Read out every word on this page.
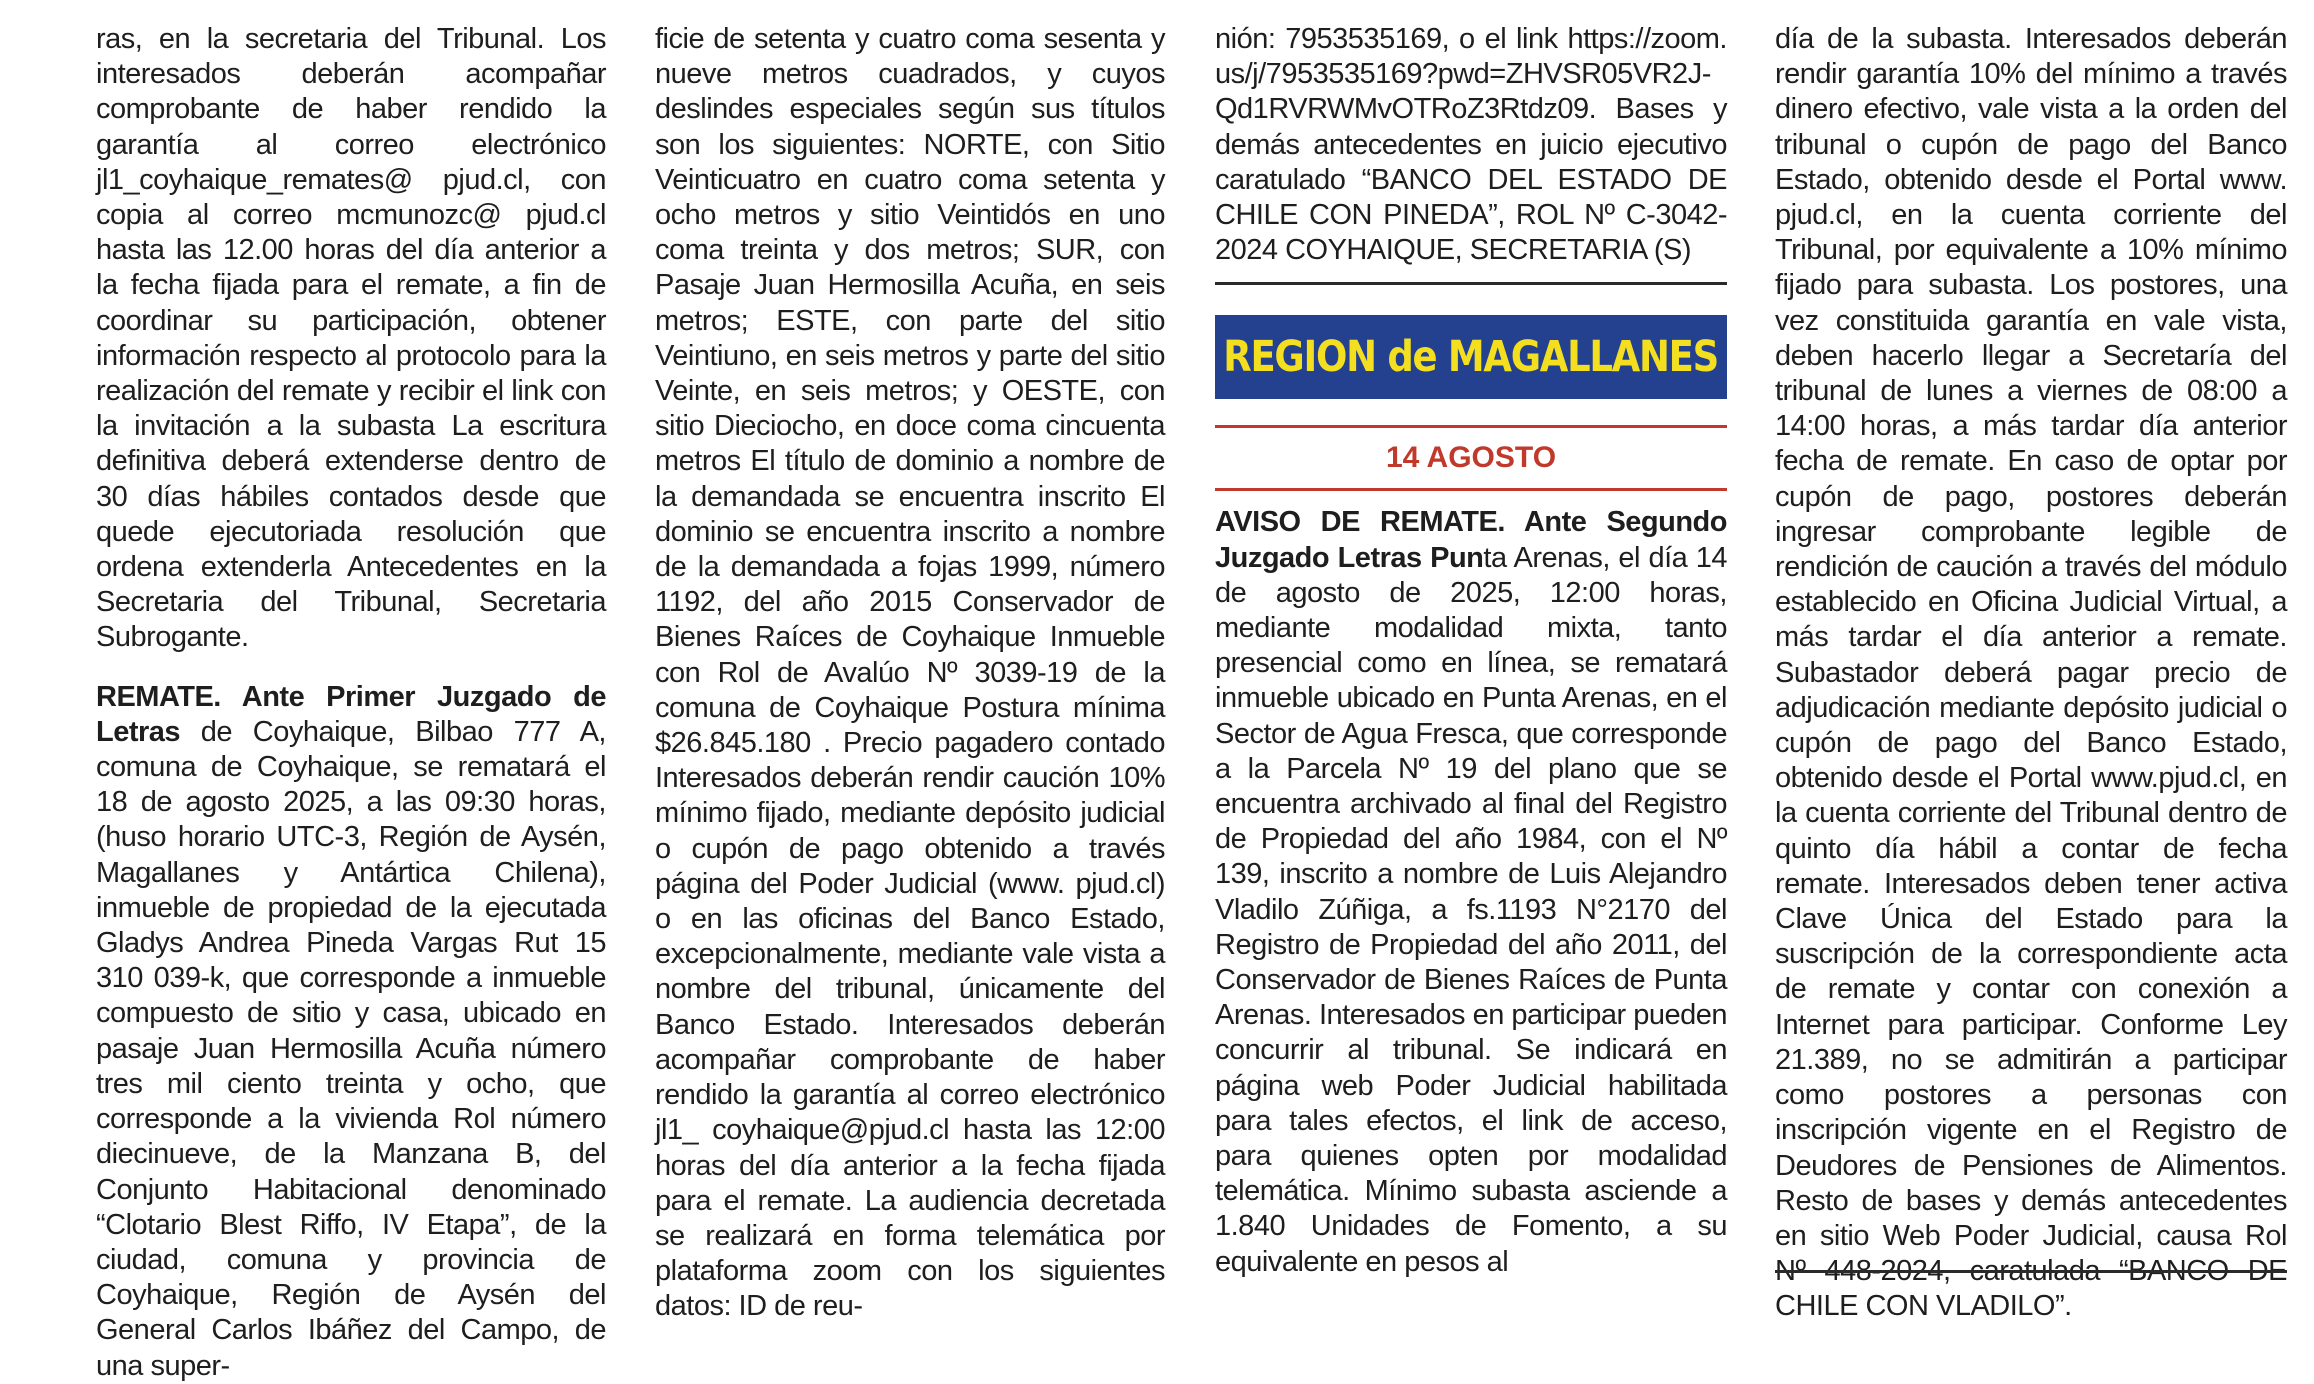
ras, en la secretaria del Tribunal. Los interesados deberán acompañar comprobante de haber rendido la garantía al correo electrónico jl1_coyhaique_remates@ pjud.cl, con copia al correo mcmunozc@ pjud.cl hasta las 12.00 horas del día anterior a la fecha fijada para el remate, a fin de coordinar su participación, obtener información respecto al protocolo para la realización del remate y recibir el link con la invitación a la subasta La escritura definitiva deberá extenderse dentro de 30 días hábiles contados desde que quede ejecutoriada resolución que ordena extenderla Antecedentes en la Secretaria del Tribunal, Secretaria Subrogante.

REMATE. Ante Primer Juzgado de Letras de Coyhaique, Bilbao 777 A, comuna de Coyhaique, se rematará el 18 de agosto 2025, a las 09:30 horas, (huso horario UTC-3, Región de Aysén, Magallanes y Antártica Chilena), inmueble de propiedad de la ejecutada Gladys Andrea Pineda Vargas Rut 15 310 039-k, que corresponde a inmueble compuesto de sitio y casa, ubicado en pasaje Juan Hermosilla Acuña número tres mil ciento treinta y ocho, que corresponde a la vivienda Rol número diecinueve, de la Manzana B, del Conjunto Habitacional denominado “Clotario Blest Riffo, IV Etapa”, de la ciudad, comuna y provincia de Coyhaique, Región de Aysén del General Carlos Ibáñez del Campo, de una super-

ficie de setenta y cuatro coma sesenta y nueve metros cuadrados, y cuyos deslindes especiales según sus títulos son los siguientes: NORTE, con Sitio Veinticuatro en cuatro coma setenta y ocho metros y sitio Veintidós en uno coma treinta y dos metros; SUR, con Pasaje Juan Hermosilla Acuña, en seis metros; ESTE, con parte del sitio Veintiuno, en seis metros y parte del sitio Veinte, en seis metros; y OESTE, con sitio Dieciocho, en doce coma cincuenta metros El título de dominio a nombre de la demandada se encuentra inscrito El dominio se encuentra inscrito a nombre de la demandada a fojas 1999, número 1192, del año 2015 Conservador de Bienes Raíces de Coyhaique Inmueble con Rol de Avalúo Nº 3039-19 de la comuna de Coyhaique Postura mínima $26.845.180 . Precio pagadero contado Interesados deberán rendir caución 10% mínimo fijado, mediante depósito judicial o cupón de pago obtenido a través página del Poder Judicial (www. pjud.cl) o en las oficinas del Banco Estado, excepcionalmente, mediante vale vista a nombre del tribunal, únicamente del Banco Estado. Interesados deberán acompañar comprobante de haber rendido la garantía al correo electrónico jl1_ coyhaique@pjud.cl hasta las 12:00 horas del día anterior a la fecha fijada para el remate. La audiencia decretada se realizará en forma telemática por plataforma zoom con los siguientes datos: ID de reu-

nión: 7953535169, o el link https://zoom. us/j/7953535169?pwd=ZHVSR05VR2J-Qd1RVRWMvOTRoZ3Rtdz09. Bases y demás antecedentes en juicio ejecutivo caratulado “BANCO DEL ESTADO DE CHILE CON PINEDA”, ROL Nº C-3042-2024 COYHAIQUE, SECRETARIA (S)

REGION de MAGALLANES
14 AGOSTO

AVISO DE REMATE. Ante Segundo Juzgado Letras Punta Arenas, el día 14 de agosto de 2025, 12:00 horas, mediante modalidad mixta, tanto presencial como en línea, se rematará inmueble ubicado en Punta Arenas, en el Sector de Agua Fresca, que corresponde a la Parcela Nº 19 del plano que se encuentra archivado al final del Registro de Propiedad del año 1984, con el Nº 139, inscrito a nombre de Luis Alejandro Vladilo Zúñiga, a fs.1193 N°2170 del Registro de Propiedad del año 2011, del Conservador de Bienes Raíces de Punta Arenas. Interesados en participar pueden concurrir al tribunal. Se indicará en página web Poder Judicial habilitada para tales efectos, el link de acceso, para quienes opten por modalidad telemática. Mínimo subasta asciende a 1.840 Unidades de Fomento, a su equivalente en pesos al

día de la subasta. Interesados deberán rendir garantía 10% del mínimo a través dinero efectivo, vale vista a la orden del tribunal o cupón de pago del Banco Estado, obtenido desde el Portal www. pjud.cl, en la cuenta corriente del Tribunal, por equivalente a 10% mínimo fijado para subasta. Los postores, una vez constituida garantía en vale vista, deben hacerlo llegar a Secretaría del tribunal de lunes a viernes de 08:00 a 14:00 horas, a más tardar día anterior fecha de remate. En caso de optar por cupón de pago, postores deberán ingresar comprobante legible de rendición de caución a través del módulo establecido en Oficina Judicial Virtual, a más tardar el día anterior a remate. Subastador deberá pagar precio de adjudicación mediante depósito judicial o cupón de pago del Banco Estado, obtenido desde el Portal www.pjud.cl, en la cuenta corriente del Tribunal dentro de quinto día hábil a contar de fecha remate. Interesados deben tener activa Clave Única del Estado para la suscripción de la correspondiente acta de remate y contar con conexión a Internet para participar. Conforme Ley 21.389, no se admitirán a participar como postores a personas con inscripción vigente en el Registro de Deudores de Pensiones de Alimentos. Resto de bases y demás antecedentes en sitio Web Poder Judicial, causa Rol Nº 448-2024, caratulada “BANCO DE CHILE CON VLADILO”.
